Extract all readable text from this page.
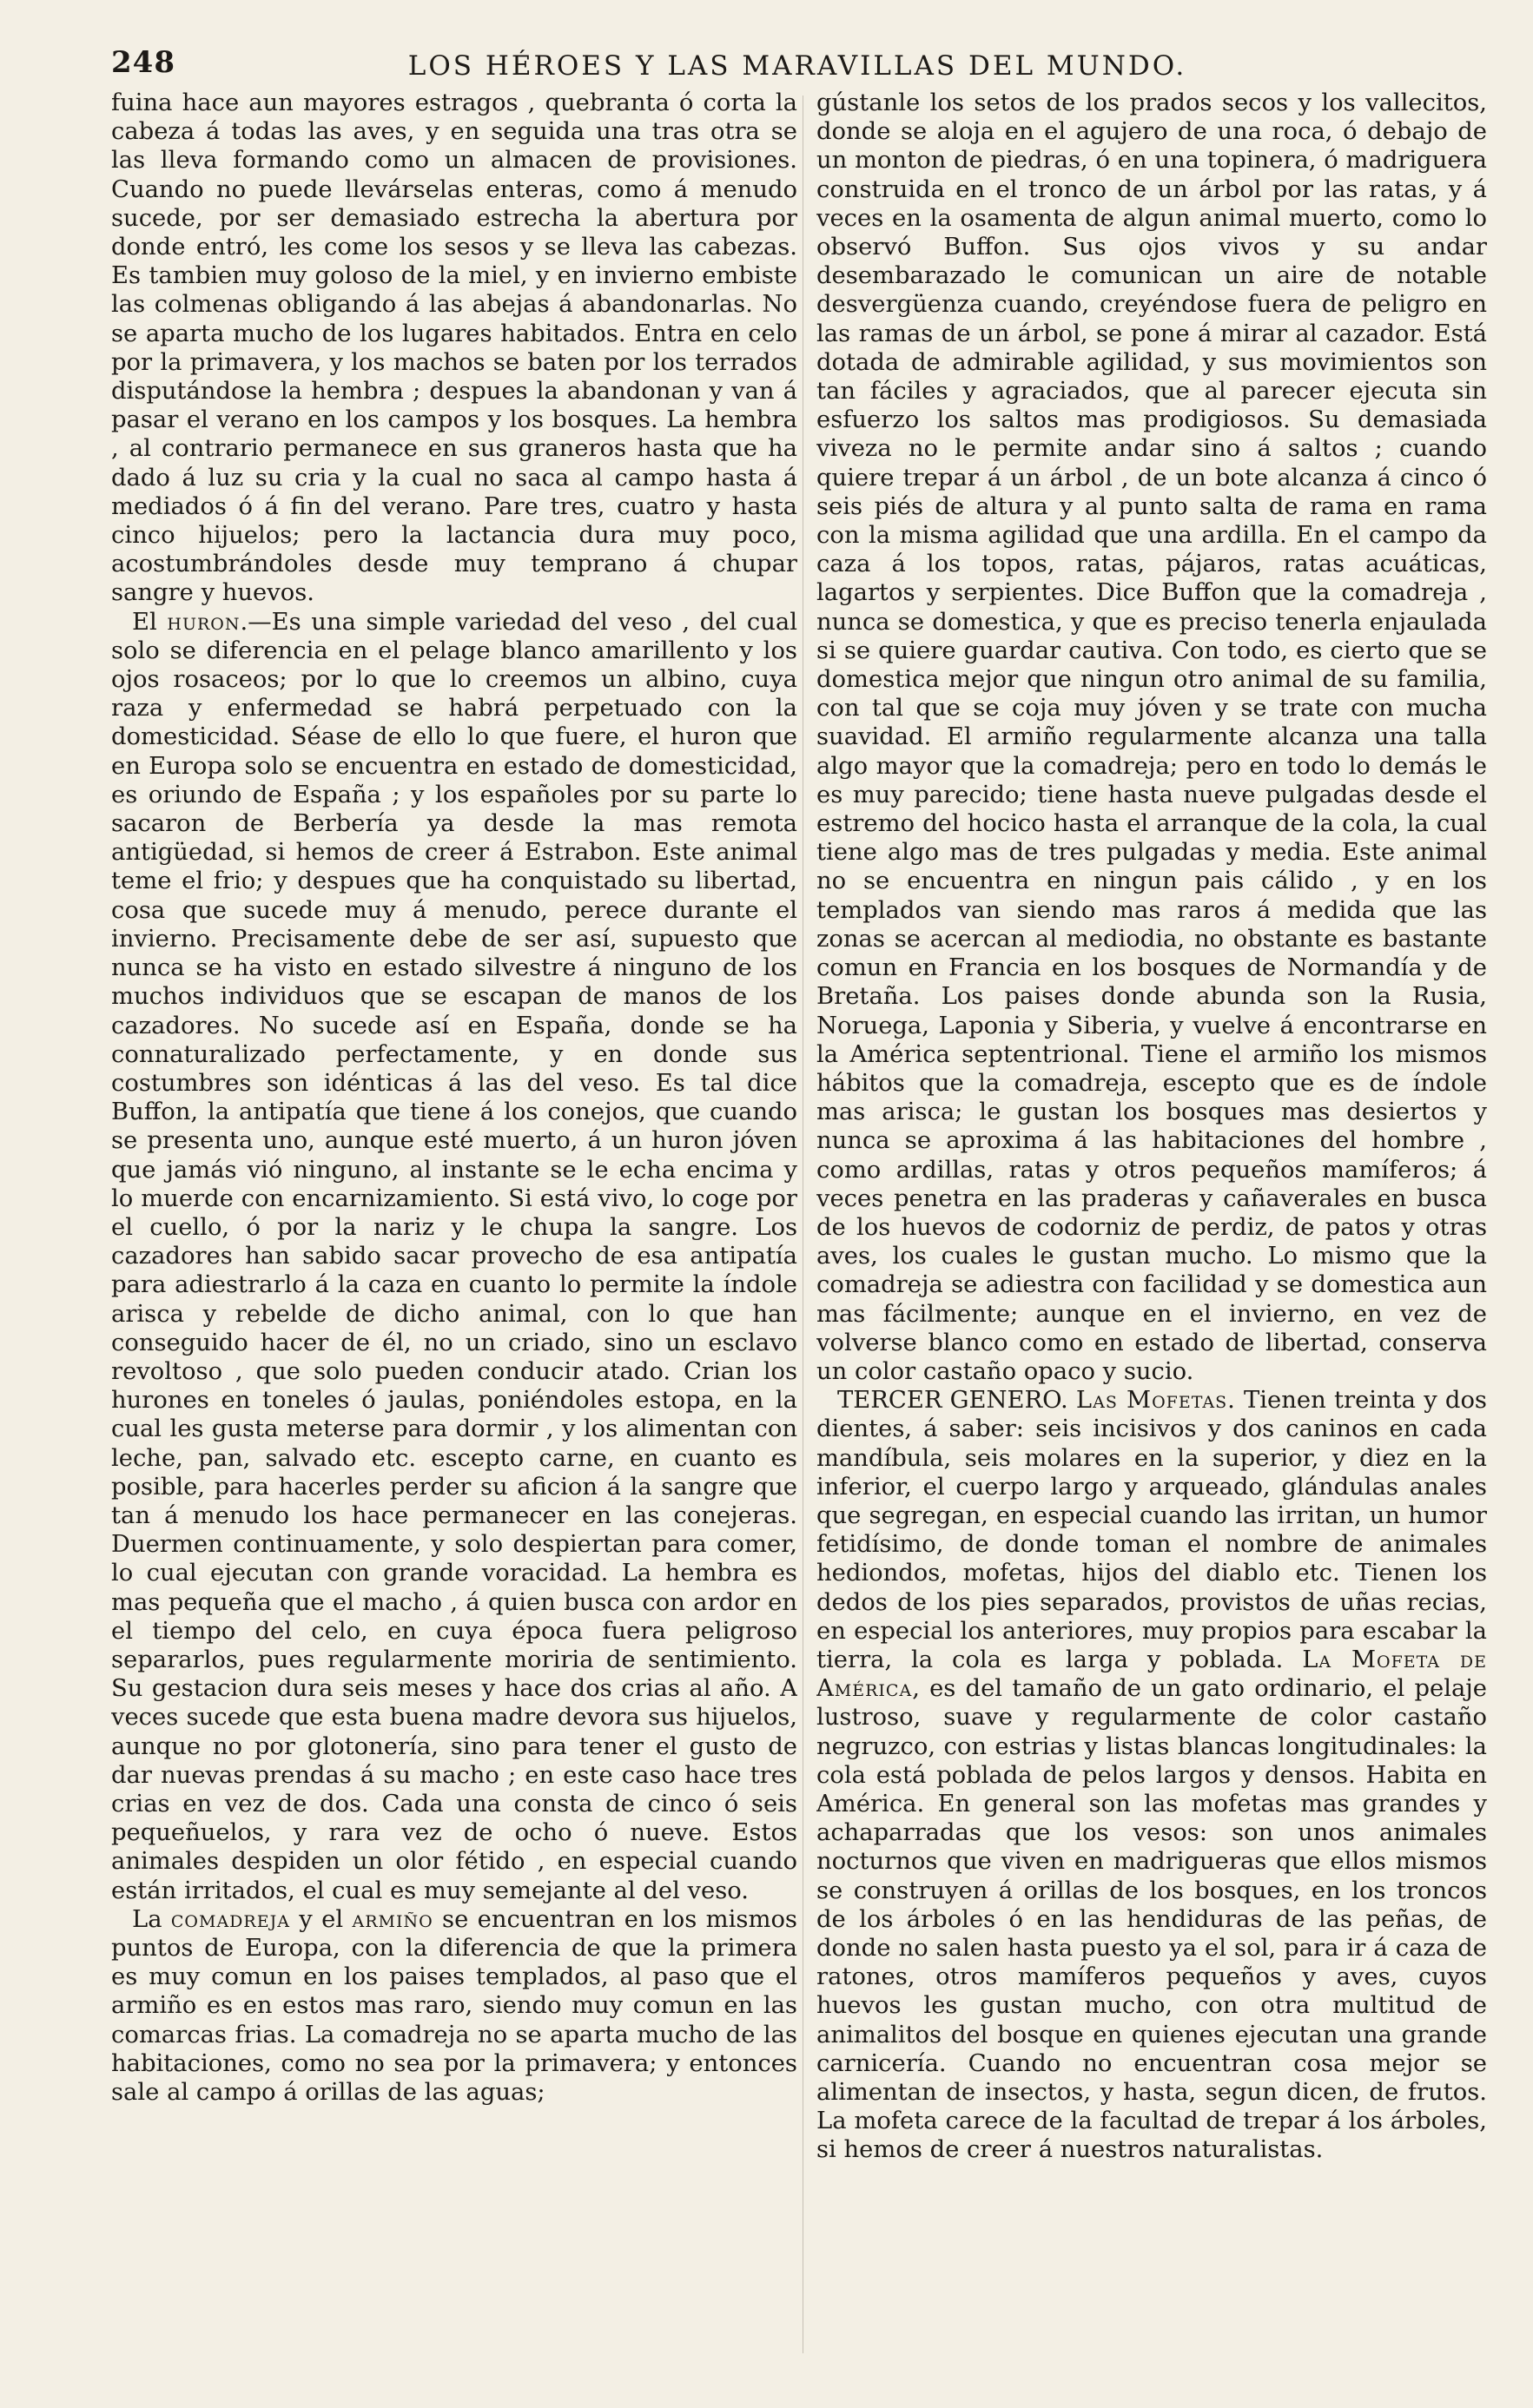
248	LOS HÉROES Y LAS MARAVILLAS DEL MUNDO.

fuina hace aun mayores estragos , quebranta ó corta la cabeza á todas las aves, y en seguida una tras otra se las lleva formando como un almacen de provisiones. Cuando no puede llevárselas enteras, como á menudo sucede, por ser demasiado estrecha la abertura por donde entró, les come los sesos y se lleva las cabezas. Es tambien muy goloso de la miel, y en invierno embiste las colmenas obligando á las abejas á abandonarlas. No se aparta mucho de los lugares habitados. Entra en celo por la primavera, y los machos se baten por los terrados disputándose la hembra ; despues la abandonan y van á pasar el verano en los campos y los bosques. La hembra , al contrario permanece en sus graneros hasta que ha dado á luz su cria y la cual no saca al campo hasta á mediados ó á fin del verano. Pare tres, cuatro y hasta cinco hijuelos; pero la lactancia dura muy poco, acostumbrándoles desde muy temprano á chupar sangre y huevos.

El huron.—Es una simple variedad del veso , del cual solo se diferencia en el pelage blanco amarillento y los ojos rosaceos; por lo que lo creemos un albino, cuya raza y enfermedad se habrá perpetuado con la domesticidad. Séase de ello lo que fuere, el huron que en Europa solo se encuentra en estado de domesticidad, es oriundo de España ; y los españoles por su parte lo sacaron de Berbería ya desde la mas remota antigüedad, si hemos de creer á Estrabon. Este animal teme el frio; y despues que ha conquistado su libertad, cosa que sucede muy á menudo, perece durante el invierno. Precisamente debe de ser así, supuesto que nunca se ha visto en estado silvestre á ninguno de los muchos individuos que se escapan de manos de los cazadores. No sucede así en España, donde se ha connaturalizado perfectamente, y en donde sus costumbres son idénticas á las del veso. Es tal dice Buffon, la antipatía que tiene á los conejos, que cuando se presenta uno, aunque esté muerto, á un huron jóven que jamás vió ninguno, al instante se le echa encima y lo muerde con encarnizamiento. Si está vivo, lo coge por el cuello, ó por la nariz y le chupa la sangre. Los cazadores han sabido sacar provecho de esa antipatía para adiestrarlo á la caza en cuanto lo permite la índole arisca y rebelde de dicho animal, con lo que han conseguido hacer de él, no un criado, sino un esclavo revoltoso , que solo pueden conducir atado. Crian los hurones en toneles ó jaulas, poniéndoles estopa, en la cual les gusta meterse para dormir , y los alimentan con leche, pan, salvado etc. escepto carne, en cuanto es posible, para hacerles perder su aficion á la sangre que tan á menudo los hace permanecer en las conejeras. Duermen continuamente, y solo despiertan para comer, lo cual ejecutan con grande voracidad. La hembra es mas pequeña que el macho , á quien busca con ardor en el tiempo del celo, en cuya época fuera peligroso separarlos, pues regularmente moriria de sentimiento. Su gestacion dura seis meses y hace dos crias al año. A veces sucede que esta buena madre devora sus hijuelos, aunque no por glotonería, sino para tener el gusto de dar nuevas prendas á su macho ; en este caso hace tres crias en vez de dos. Cada una consta de cinco ó seis pequeñuelos, y rara vez de ocho ó nueve. Estos animales despiden un olor fétido , en especial cuando están irritados, el cual es muy semejante al del veso.

La comadreja y el armiño se encuentran en los mismos puntos de Europa, con la diferencia de que la primera es muy comun en los paises templados, al paso que el armiño es en estos mas raro, siendo muy comun en las comarcas frias. La comadreja no se aparta mucho de las habitaciones, como no sea por la primavera; y entonces sale al campo á orillas de las aguas;

gústanle los setos de los prados secos y los vallecitos, donde se aloja en el agujero de una roca, ó debajo de un monton de piedras, ó en una topinera, ó madriguera construida en el tronco de un árbol por las ratas, y á veces en la osamenta de algun animal muerto, como lo observó Buffon. Sus ojos vivos y su andar desembarazado le comunican un aire de notable desvergüenza cuando, creyéndose fuera de peligro en las ramas de un árbol, se pone á mirar al cazador. Está dotada de admirable agilidad, y sus movimientos son tan fáciles y agraciados, que al parecer ejecuta sin esfuerzo los saltos mas prodigiosos. Su demasiada viveza no le permite andar sino á saltos ; cuando quiere trepar á un árbol , de un bote alcanza á cinco ó seis piés de altura y al punto salta de rama en rama con la misma agilidad que una ardilla. En el campo da caza á los topos, ratas, pájaros, ratas acuáticas, lagartos y serpientes. Dice Buffon que la comadreja , nunca se domestica, y que es preciso tenerla enjaulada si se quiere guardar cautiva. Con todo, es cierto que se domestica mejor que ningun otro animal de su familia, con tal que se coja muy jóven y se trate con mucha suavidad. El armiño regularmente alcanza una talla algo mayor que la comadreja; pero en todo lo demás le es muy parecido; tiene hasta nueve pulgadas desde el estremo del hocico hasta el arranque de la cola, la cual tiene algo mas de tres pulgadas y media. Este animal no se encuentra en ningun pais cálido , y en los templados van siendo mas raros á medida que las zonas se acercan al mediodia, no obstante es bastante comun en Francia en los bosques de Normandía y de Bretaña. Los paises donde abunda son la Rusia, Noruega, Laponia y Siberia, y vuelve á encontrarse en la América septentrional. Tiene el armiño los mismos hábitos que la comadreja, escepto que es de índole mas arisca; le gustan los bosques mas desiertos y nunca se aproxima á las habitaciones del hombre , como ardillas, ratas y otros pequeños mamíferos; á veces penetra en las praderas y cañaverales en busca de los huevos de codorniz de perdiz, de patos y otras aves, los cuales le gustan mucho. Lo mismo que la comadreja se adiestra con facilidad y se domestica aun mas fácilmente; aunque en el invierno, en vez de volverse blanco como en estado de libertad, conserva un color castaño opaco y sucio.

TERCER GENERO. Las Mofetas. Tienen treinta y dos dientes, á saber: seis incisivos y dos caninos en cada mandíbula, seis molares en la superior, y diez en la inferior, el cuerpo largo y arqueado, glándulas anales que segregan, en especial cuando las irritan, un humor fetidísimo, de donde toman el nombre de animales hediondos, mofetas, hijos del diablo etc. Tienen los dedos de los pies separados, provistos de uñas recias, en especial los anteriores, muy propios para escabar la tierra, la cola es larga y poblada. La Mofeta de América, es del tamaño de un gato ordinario, el pelaje lustroso, suave y regularmente de color castaño negruzco, con estrias y listas blancas longitudinales: la cola está poblada de pelos largos y densos. Habita en América. En general son las mofetas mas grandes y achaparradas que los vesos: son unos animales nocturnos que viven en madrigueras que ellos mismos se construyen á orillas de los bosques, en los troncos de los árboles ó en las hendiduras de las peñas, de donde no salen hasta puesto ya el sol, para ir á caza de ratones, otros mamíferos pequeños y aves, cuyos huevos les gustan mucho, con otra multitud de animalitos del bosque en quienes ejecutan una grande carnicería. Cuando no encuentran cosa mejor se alimentan de insectos, y hasta, segun dicen, de frutos. La mofeta carece de la facultad de trepar á los árboles, si hemos de creer á nuestros naturalistas.
